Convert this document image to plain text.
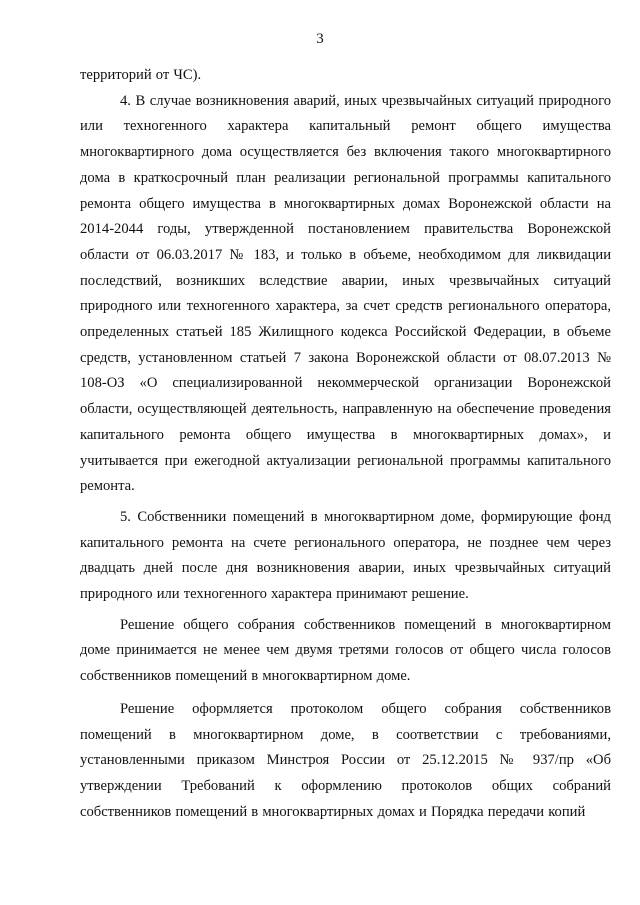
3

территорий от ЧС).

4. В случае возникновения аварий, иных чрезвычайных ситуаций природного или техногенного характера капитальный ремонт общего имущества многоквартирного дома осуществляется без включения такого многоквартирного дома в краткосрочный план реализации региональной программы капитального ремонта общего имущества в многоквартирных домах Воронежской области на 2014-2044 годы, утвержденной постановлением правительства Воронежской области от 06.03.2017 № 183, и только в объеме, необходимом для ликвидации последствий, возникших вследствие аварии, иных чрезвычайных ситуаций природного или техногенного характера, за счет средств регионального оператора, определенных статьей 185 Жилищного кодекса Российской Федерации, в объеме средств, установленном статьей 7 закона Воронежской области от 08.07.2013 № 108-ОЗ «О специализированной некоммерческой организации Воронежской области, осуществляющей деятельность, направленную на обеспечение проведения капитального ремонта общего имущества в многоквартирных домах», и учитывается при ежегодной актуализации региональной программы капитального ремонта.

5. Собственники помещений в многоквартирном доме, формирующие фонд капитального ремонта на счете регионального оператора, не позднее чем через двадцать дней после дня возникновения аварии, иных чрезвычайных ситуаций природного или техногенного характера принимают решение.

Решение общего собрания собственников помещений в многоквартирном доме принимается не менее чем двумя третями голосов от общего числа голосов собственников помещений в многоквартирном доме.

Решение оформляется протоколом общего собрания собственников помещений в многоквартирном доме, в соответствии с требованиями, установленными приказом Минстроя России от 25.12.2015 № 937/пр «Об утверждении Требований к оформлению протоколов общих собраний собственников помещений в многоквартирных домах и Порядка передачи копий
